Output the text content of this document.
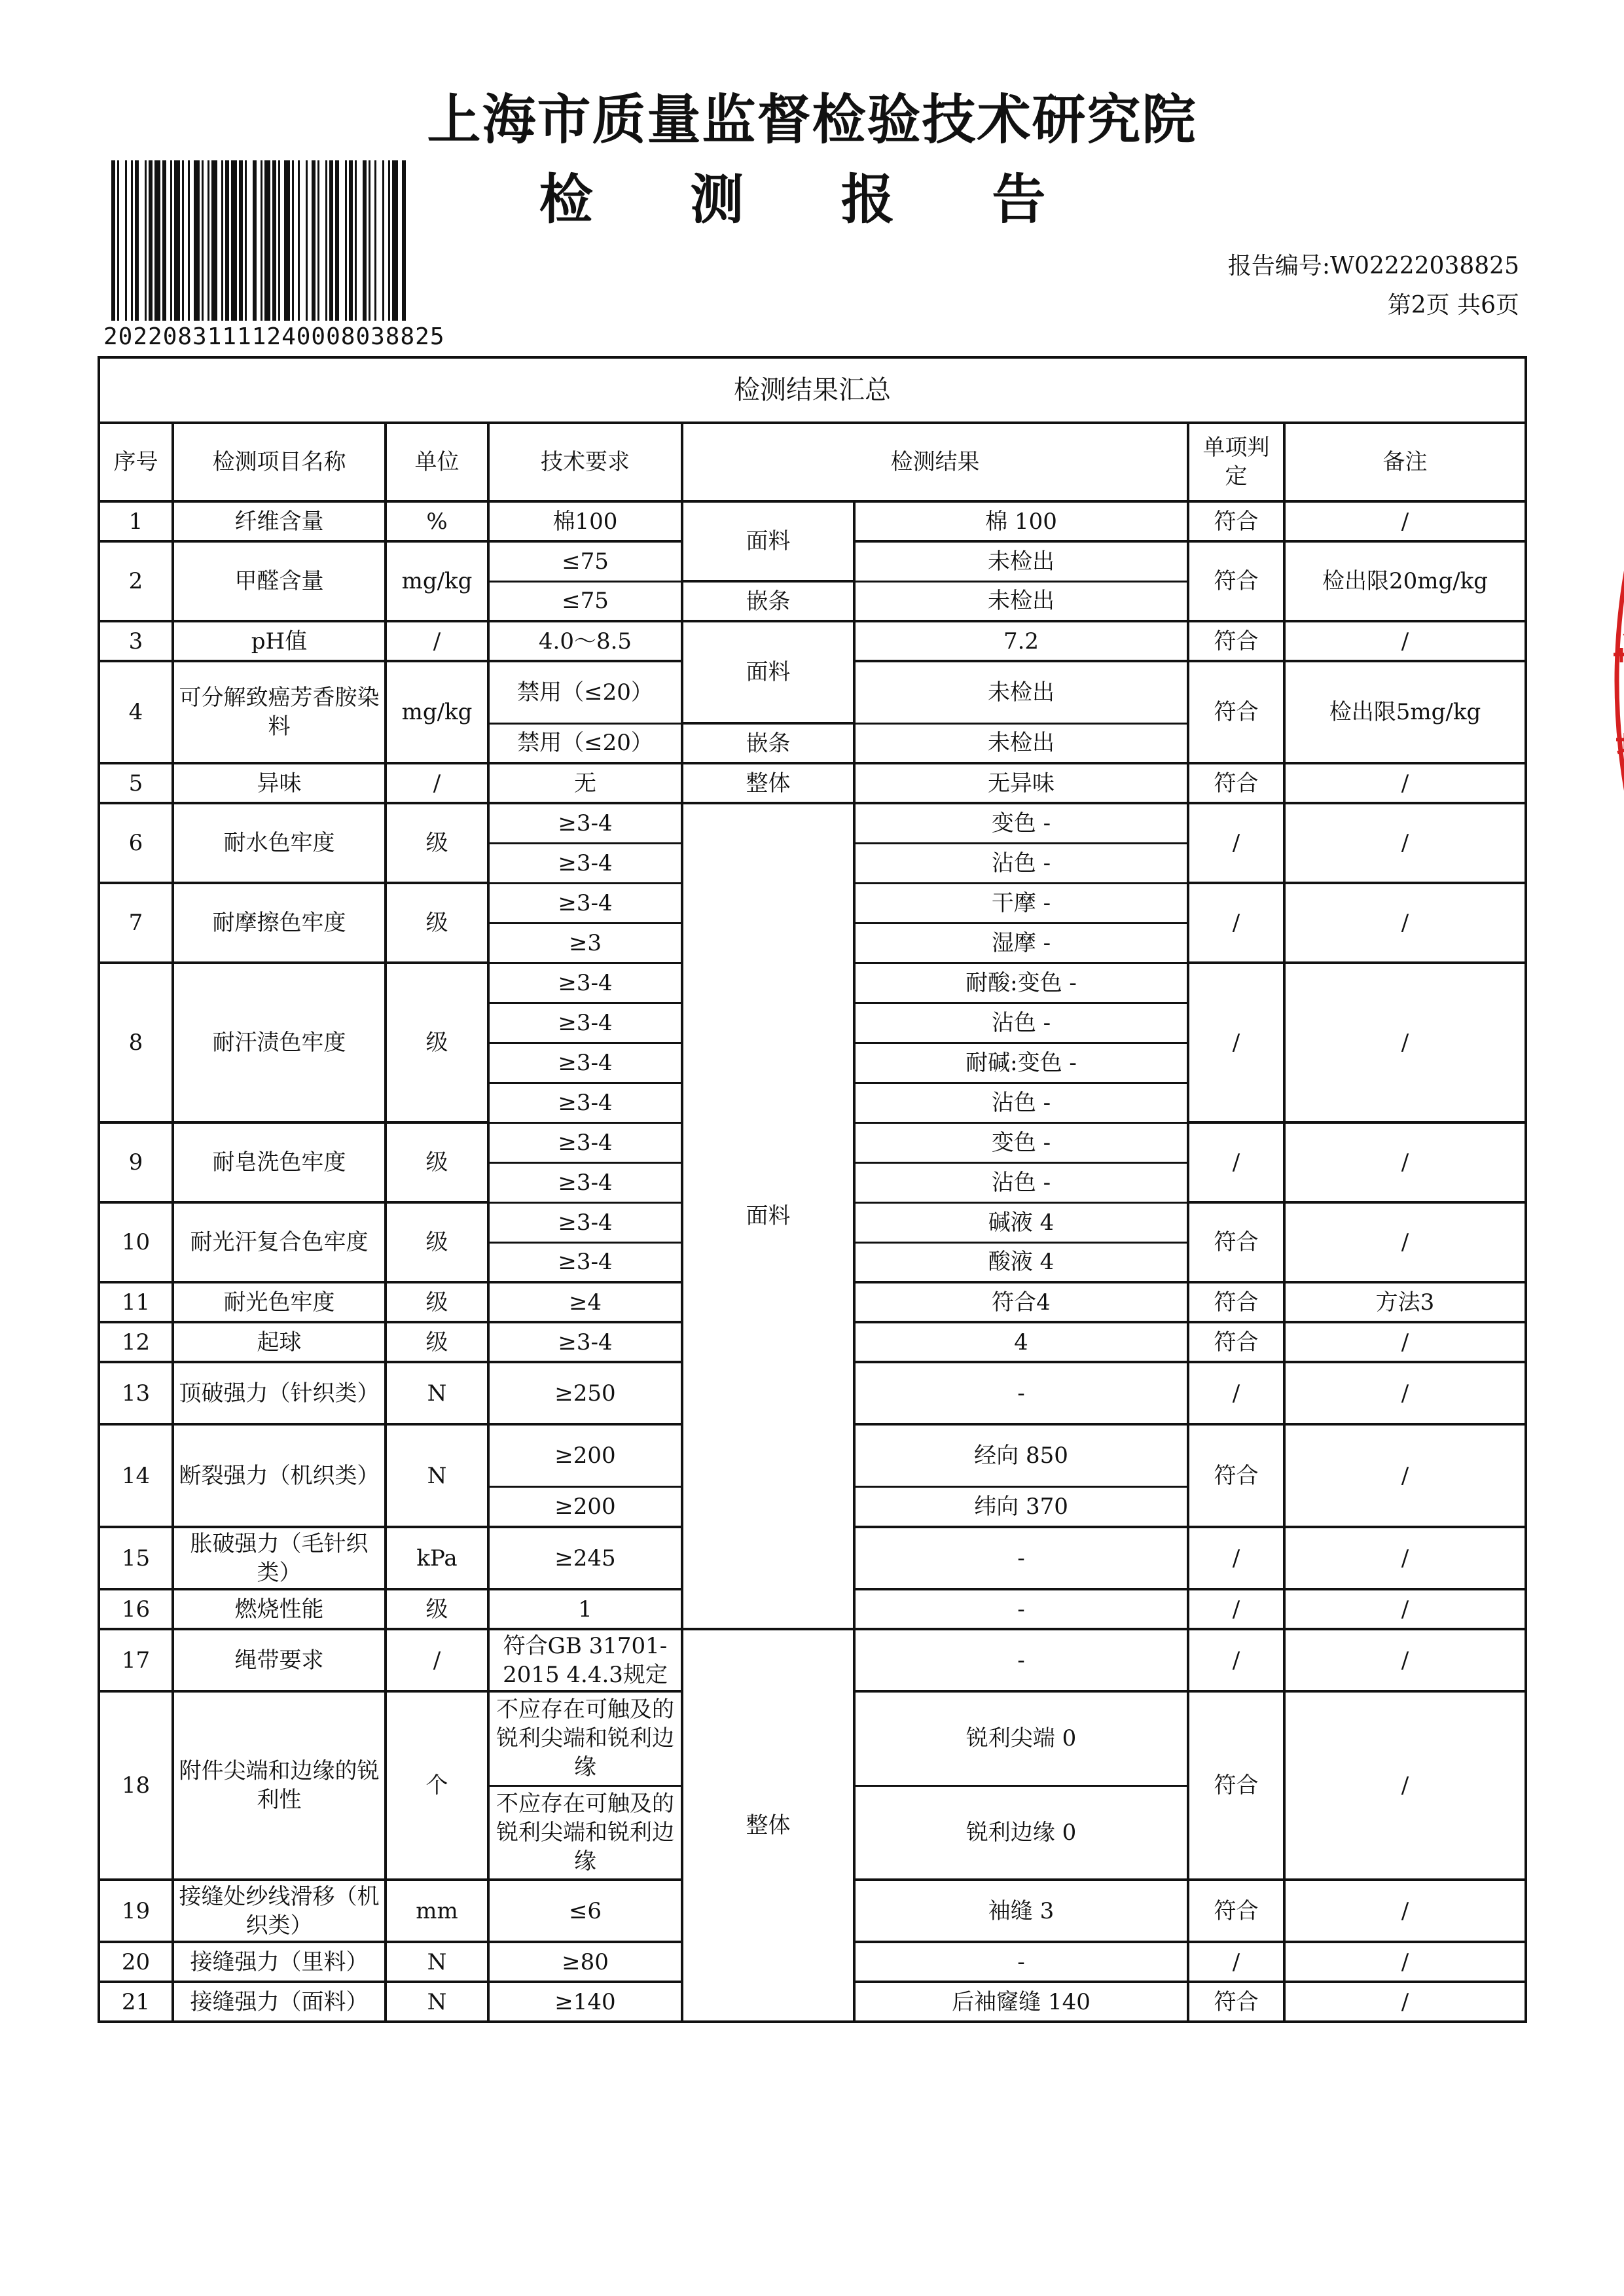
上海市质量监督检验技术研究院
检 测 报 告
20220831111240008038825
报告编号:W02222038825
第2页 共6页
检测结果汇总							
序号	检测项目名称	单位	技术要求	检测结果		单项判定	备注
1	纤维含量	%	棉100	面料	棉 100	符合	/
2	甲醛含量	mg/kg	≤75		未检出	符合	检出限20mg/kg
			≤75	嵌条	未检出		
3	pH值	/	4.0～8.5	面料	7.2	符合	/
4	可分解致癌芳香胺染料	mg/kg	禁用（≤20）		未检出	符合	检出限5mg/kg
			禁用（≤20）	嵌条	未检出		
5	异味	/	无	整体	无异味	符合	/
6	耐水色牢度	级	≥3-4	面料	变色 -	/	/
			≥3-4		沾色 -		
7	耐摩擦色牢度	级	≥3-4		干摩 -	/	/
			≥3		湿摩 -		
8	耐汗渍色牢度	级	≥3-4		耐酸:变色 -	/	/
			≥3-4		沾色 -		
			≥3-4		耐碱:变色 -		
			≥3-4		沾色 -		
9	耐皂洗色牢度	级	≥3-4		变色 -	/	/
			≥3-4		沾色 -		
10	耐光汗复合色牢度	级	≥3-4		碱液 4	符合	/
			≥3-4		酸液 4		
11	耐光色牢度	级	≥4		符合4	符合	方法3
12	起球	级	≥3-4		4	符合	/
13	顶破强力（针织类）	N	≥250		-	/	/
14	断裂强力（机织类）	N	≥200		经向 850	符合	/
			≥200		纬向 370		
15	胀破强力（毛针织类）	kPa	≥245		-	/	/
16	燃烧性能	级	1		-	/	/
17	绳带要求	/	符合GB 31701-2015 4.4.3规定	整体	-	/	/
18	附件尖端和边缘的锐利性	个	不应存在可触及的锐利尖端和锐利边缘		锐利尖端 0	符合	/
			不应存在可触及的锐利尖端和锐利边缘		锐利边缘 0		
19	接缝处纱线滑移（机织类）	mm	≤6		袖缝 3	符合	/
20	接缝强力（里料）	N	≥80		-	/	/
21	接缝强力（面料）	N	≥140		后袖窿缝 140	符合	/
